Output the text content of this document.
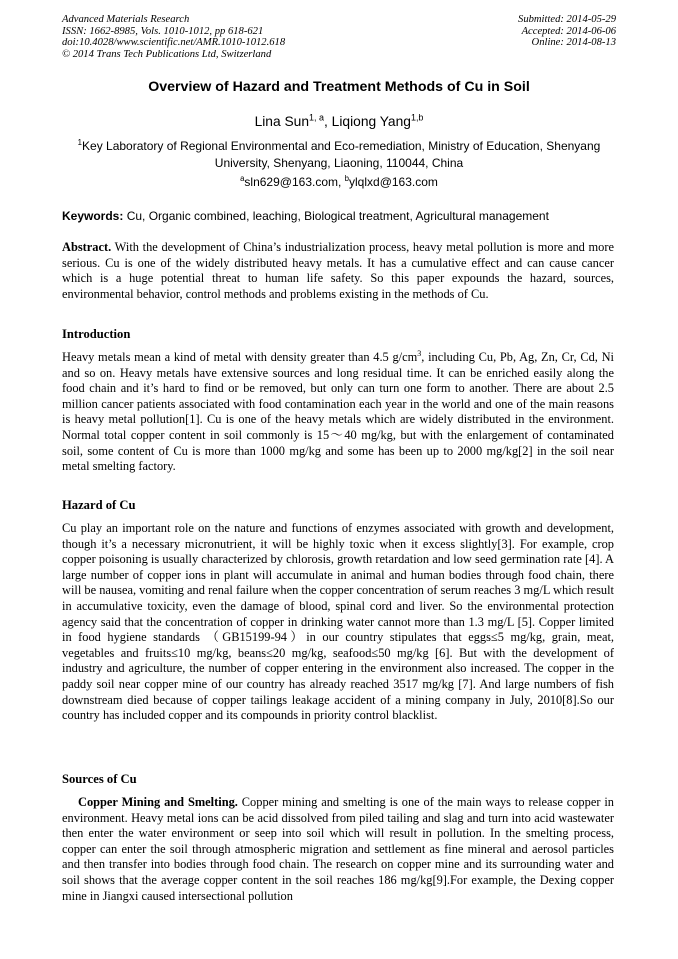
Advanced Materials Research
ISSN: 1662-8985, Vols. 1010-1012, pp 618-621
doi:10.4028/www.scientific.net/AMR.1010-1012.618
© 2014 Trans Tech Publications Ltd, Switzerland
Submitted: 2014-05-29
Accepted: 2014-06-06
Online: 2014-08-13
Overview of Hazard and Treatment Methods of Cu in Soil
Lina Sun$^{1, a}$, Liqiong Yang$^{1,b}$
$^1$Key Laboratory of Regional Environmental and Eco-remediation, Ministry of Education, Shenyang University, Shenyang, Liaoning, 110044, China
$^a$sln629@163.com, $^b$ylqlxd@163.com
Keywords: Cu, Organic combined, leaching, Biological treatment, Agricultural management
Abstract. With the development of China’s industrialization process, heavy metal pollution is more and more serious. Cu is one of the widely distributed heavy metals. It has a cumulative effect and can cause cancer which is a huge potential threat to human life safety. So this paper expounds the hazard, sources, environmental behavior, control methods and problems existing in the methods of Cu.
Introduction
Heavy metals mean a kind of metal with density greater than 4.5 $g/cm^3$, including Cu, Pb, Ag, Zn, Cr, Cd, Ni and so on. Heavy metals have extensive sources and long residual time. It can be enriched easily along the food chain and it’s hard to find or be removed, but only can turn one form to another. There are about 2.5 million cancer patients associated with food contamination each year in the world and one of the main reasons is heavy metal pollution[1]. Cu is one of the heavy metals which are widely distributed in the environment. Normal total copper content in soil commonly is 15～40 mg/kg, but with the enlargement of contaminated soil, some content of Cu is more than 1000 mg/kg and some has been up to 2000 mg/kg[2] in the soil near metal smelting factory.
Hazard of Cu
Cu play an important role on the nature and functions of enzymes associated with growth and development, though it’s a necessary micronutrient, it will be highly toxic when it excess slightly[3]. For example, crop copper poisoning is usually characterized by chlorosis, growth retardation and low seed germination rate [4]. A large number of copper ions in plant will accumulate in animal and human bodies through food chain, there will be nausea, vomiting and renal failure when the copper concentration of serum reaches 3 mg/L which result in accumulative toxicity, even the damage of blood, spinal cord and liver. So the environmental protection agency said that the concentration of copper in drinking water cannot more than 1.3 mg/L [5]. Copper limited in food hygiene standards （GB15199-94）in our country stipulates that eggs≤5 mg/kg, grain, meat, vegetables and fruits≤10 mg/kg, beans≤20 mg/kg, seafood≤50 mg/kg [6]. But with the development of industry and agriculture, the number of copper entering in the environment also increased. The copper in the paddy soil near copper mine of our country has already reached 3517 mg/kg [7]. And large numbers of fish downstream died because of copper tailings leakage accident of a mining company in July, 2010[8].So our country has included copper and its compounds in priority control blacklist.
Sources of Cu
Copper Mining and Smelting. Copper mining and smelting is one of the main ways to release copper in environment. Heavy metal ions can be acid dissolved from piled tailing and slag and turn into acid wastewater then enter the water environment or seep into soil which will result in pollution. In the smelting process, copper can enter the soil through atmospheric migration and settlement as fine mineral and aerosol particles and then transfer into bodies through food chain. The research on copper mine and its surrounding water and soil shows that the average copper content in the soil reaches 186 mg/kg[9].For example, the Dexing copper mine in Jiangxi caused intersectional pollution
